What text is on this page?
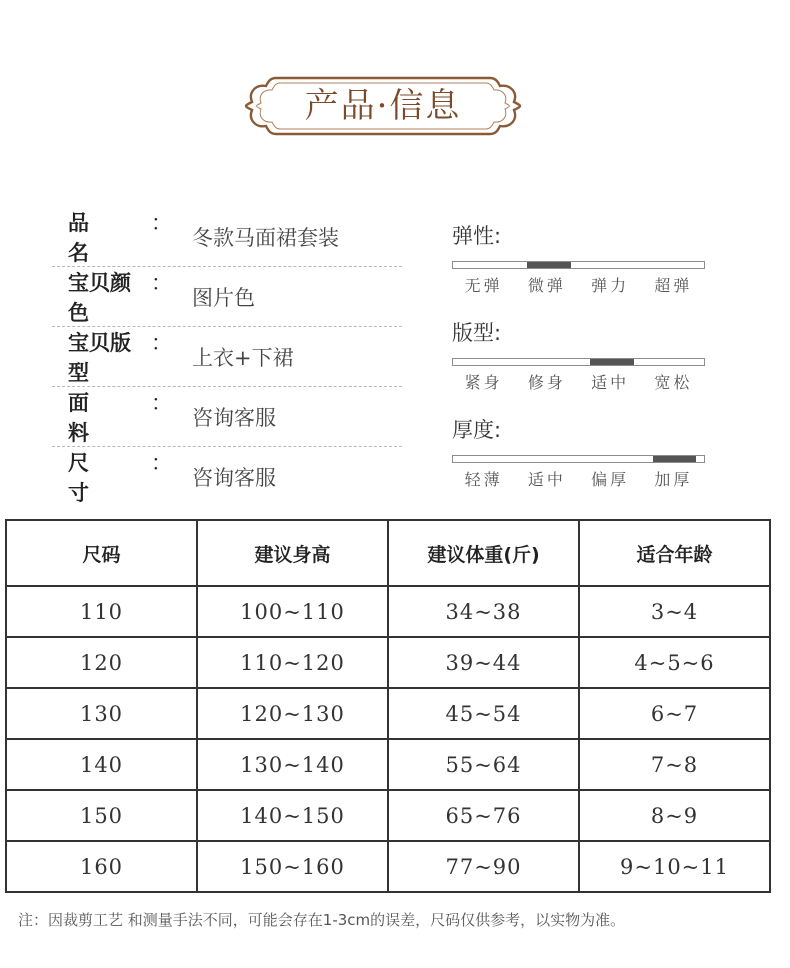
产品·信息
品　　名
：
冬款马面裙套装
宝贝颜色
：
图片色
宝贝版型
：
上衣+下裙
面　　料
：
咨询客服
尺　　寸
：
咨询客服
弹性:
无弹	微弹	弹力	超弹
版型:
紧身	修身	适中	宽松
厚度:
轻薄	适中	偏厚	加厚
尺码	建议身高	建议体重(斤)	适合年龄
110	100~110	34~38	3~4
120	110~120	39~44	4~5~6
130	120~130	45~54	6~7
140	130~140	55~64	7~8
150	140~150	65~76	8~9
160	150~160	77~90	9~10~11
注：因裁剪工艺 和测量手法不同，可能会存在1-3cm的误差，尺码仅供参考，以实物为准。
